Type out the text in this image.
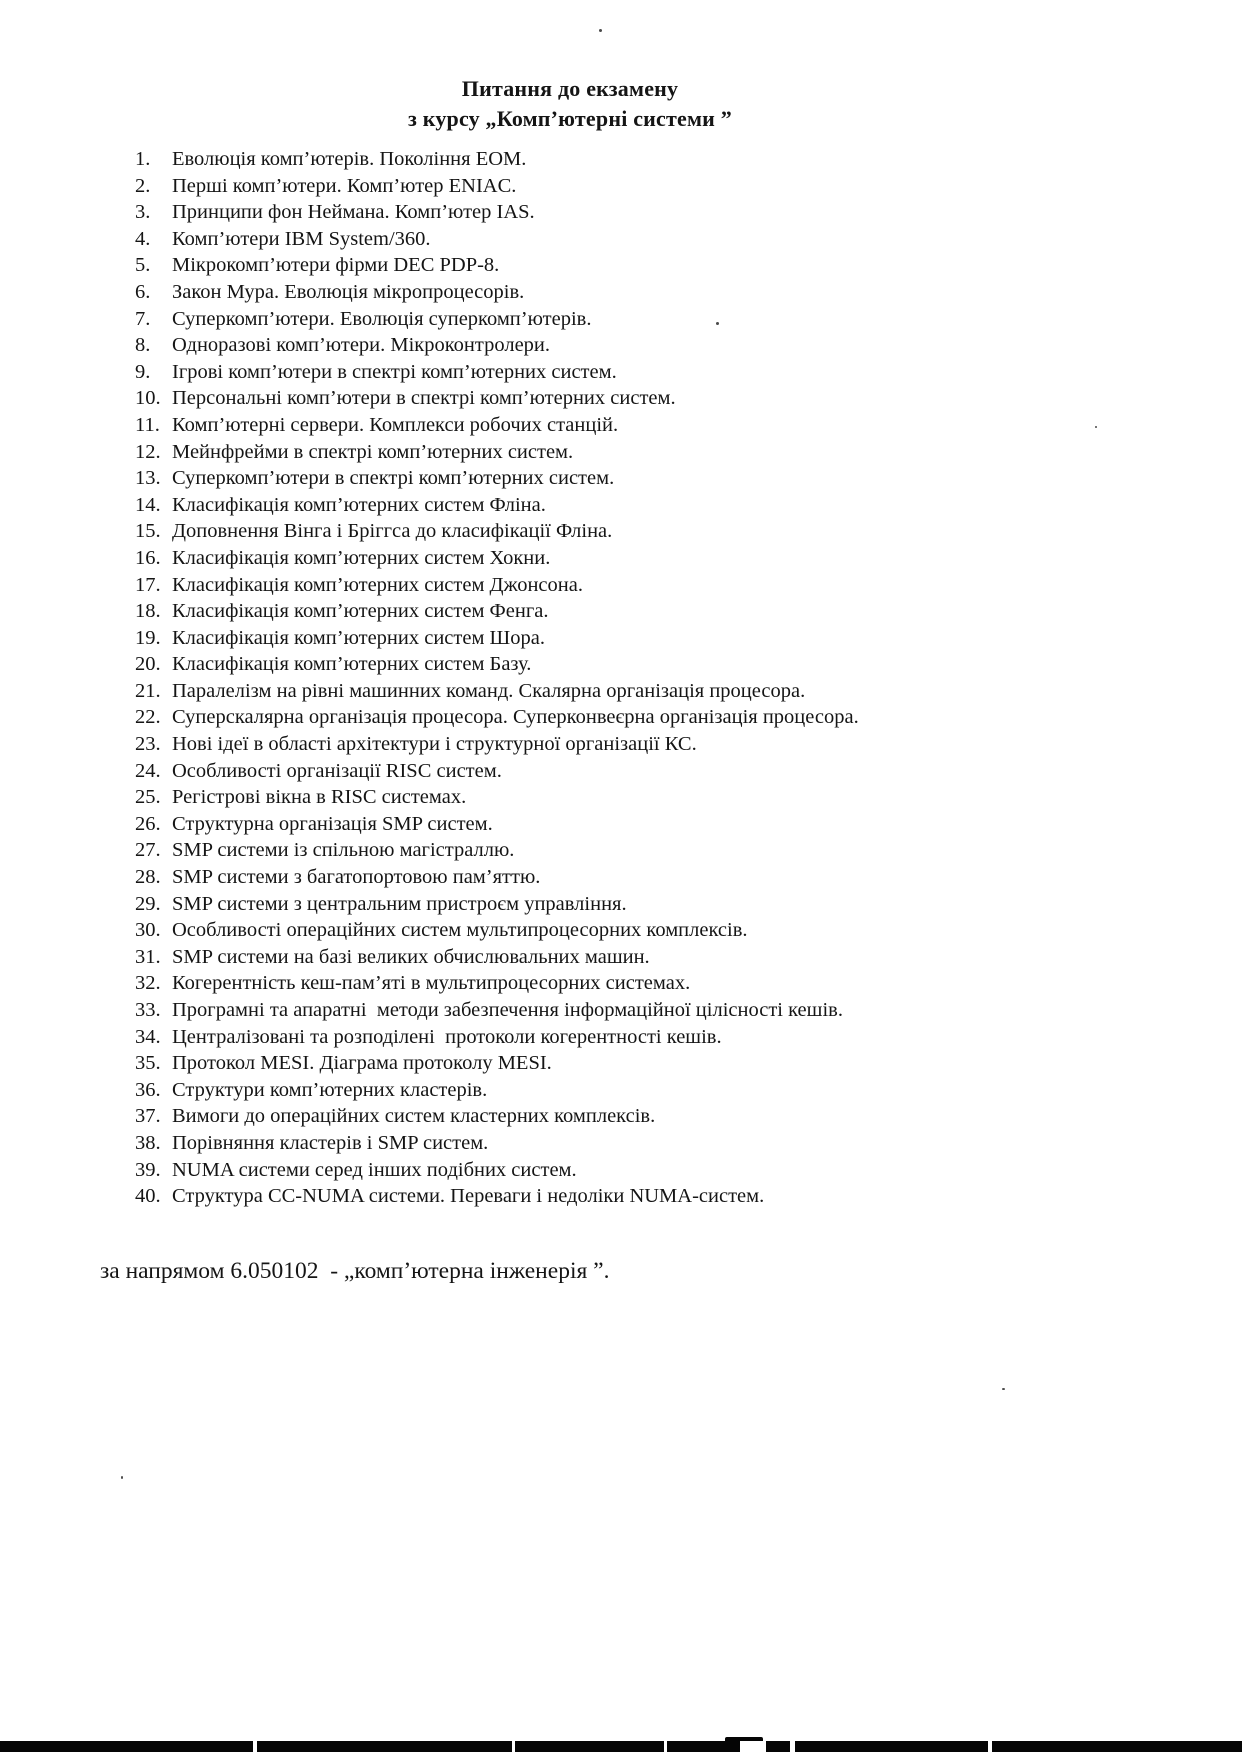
Питання до екзамену
з курсу „Комп’ютерні системи ”
1.	Еволюція комп’ютерів. Покоління ЕОМ.
2.	Перші комп’ютери. Комп’ютер ENIAC.
3.	Принципи фон Неймана. Комп’ютер IAS.
4.	Комп’ютери IBM System/360.
5.	Мікрокомп’ютери фірми DEC PDP-8.
6.	Закон Мура. Еволюція мікропроцесорів.
7.	Суперкомп’ютери. Еволюція суперкомп’ютерів.
8.	Одноразові комп’ютери. Мікроконтролери.
9.	Ігрові комп’ютери в спектрі комп’ютерних систем.
10. Персональні комп’ютери в спектрі комп’ютерних систем.
11. Комп’ютерні сервери. Комплекси робочих станцій.
12. Мейнфрейми в спектрі комп’ютерних систем.
13. Суперкомп’ютери в спектрі комп’ютерних систем.
14. Класифікація комп’ютерних систем Фліна.
15. Доповнення Вінга і Бріггса до класифікації Фліна.
16. Класифікація комп’ютерних систем Хокни.
17. Класифікація комп’ютерних систем Джонсона.
18. Класифікація комп’ютерних систем Фенга.
19. Класифікація комп’ютерних систем Шора.
20. Класифікація комп’ютерних систем Базу.
21. Паралелізм на рівні машинних команд. Скалярна організація процесора.
22. Суперскалярна організація процесора. Суперконвеєрна організація процесора.
23. Нові ідеї в області архітектури і структурної організації КС.
24. Особливості організації RISC систем.
25. Регістрові вікна в RISC системах.
26. Структурна організація SMP систем.
27. SMP системи із спільною магістраллю.
28. SMP системи з багатопортовою пам’яттю.
29. SMP системи з центральним пристроєм управління.
30. Особливості операційних систем мультипроцесорних комплексів.
31. SMP системи на базі великих обчислювальних машин.
32. Когерентність кеш-пам’яті в мультипроцесорних системах.
33. Програмні та апаратні  методи забезпечення інформаційної цілісності кешів.
34. Централізовані та розподілені  протоколи когерентності кешів.
35. Протокол MESI. Діаграма протоколу MESI.
36. Структури комп’ютерних кластерів.
37. Вимоги до операційних систем кластерних комплексів.
38. Порівняння кластерів і SMP систем.
39. NUMA системи серед інших подібних систем.
40. Структура CC-NUMA системи. Переваги і недоліки NUMA-систем.
за напрямом 6.050102  - „комп’ютерна інженерія ”.
